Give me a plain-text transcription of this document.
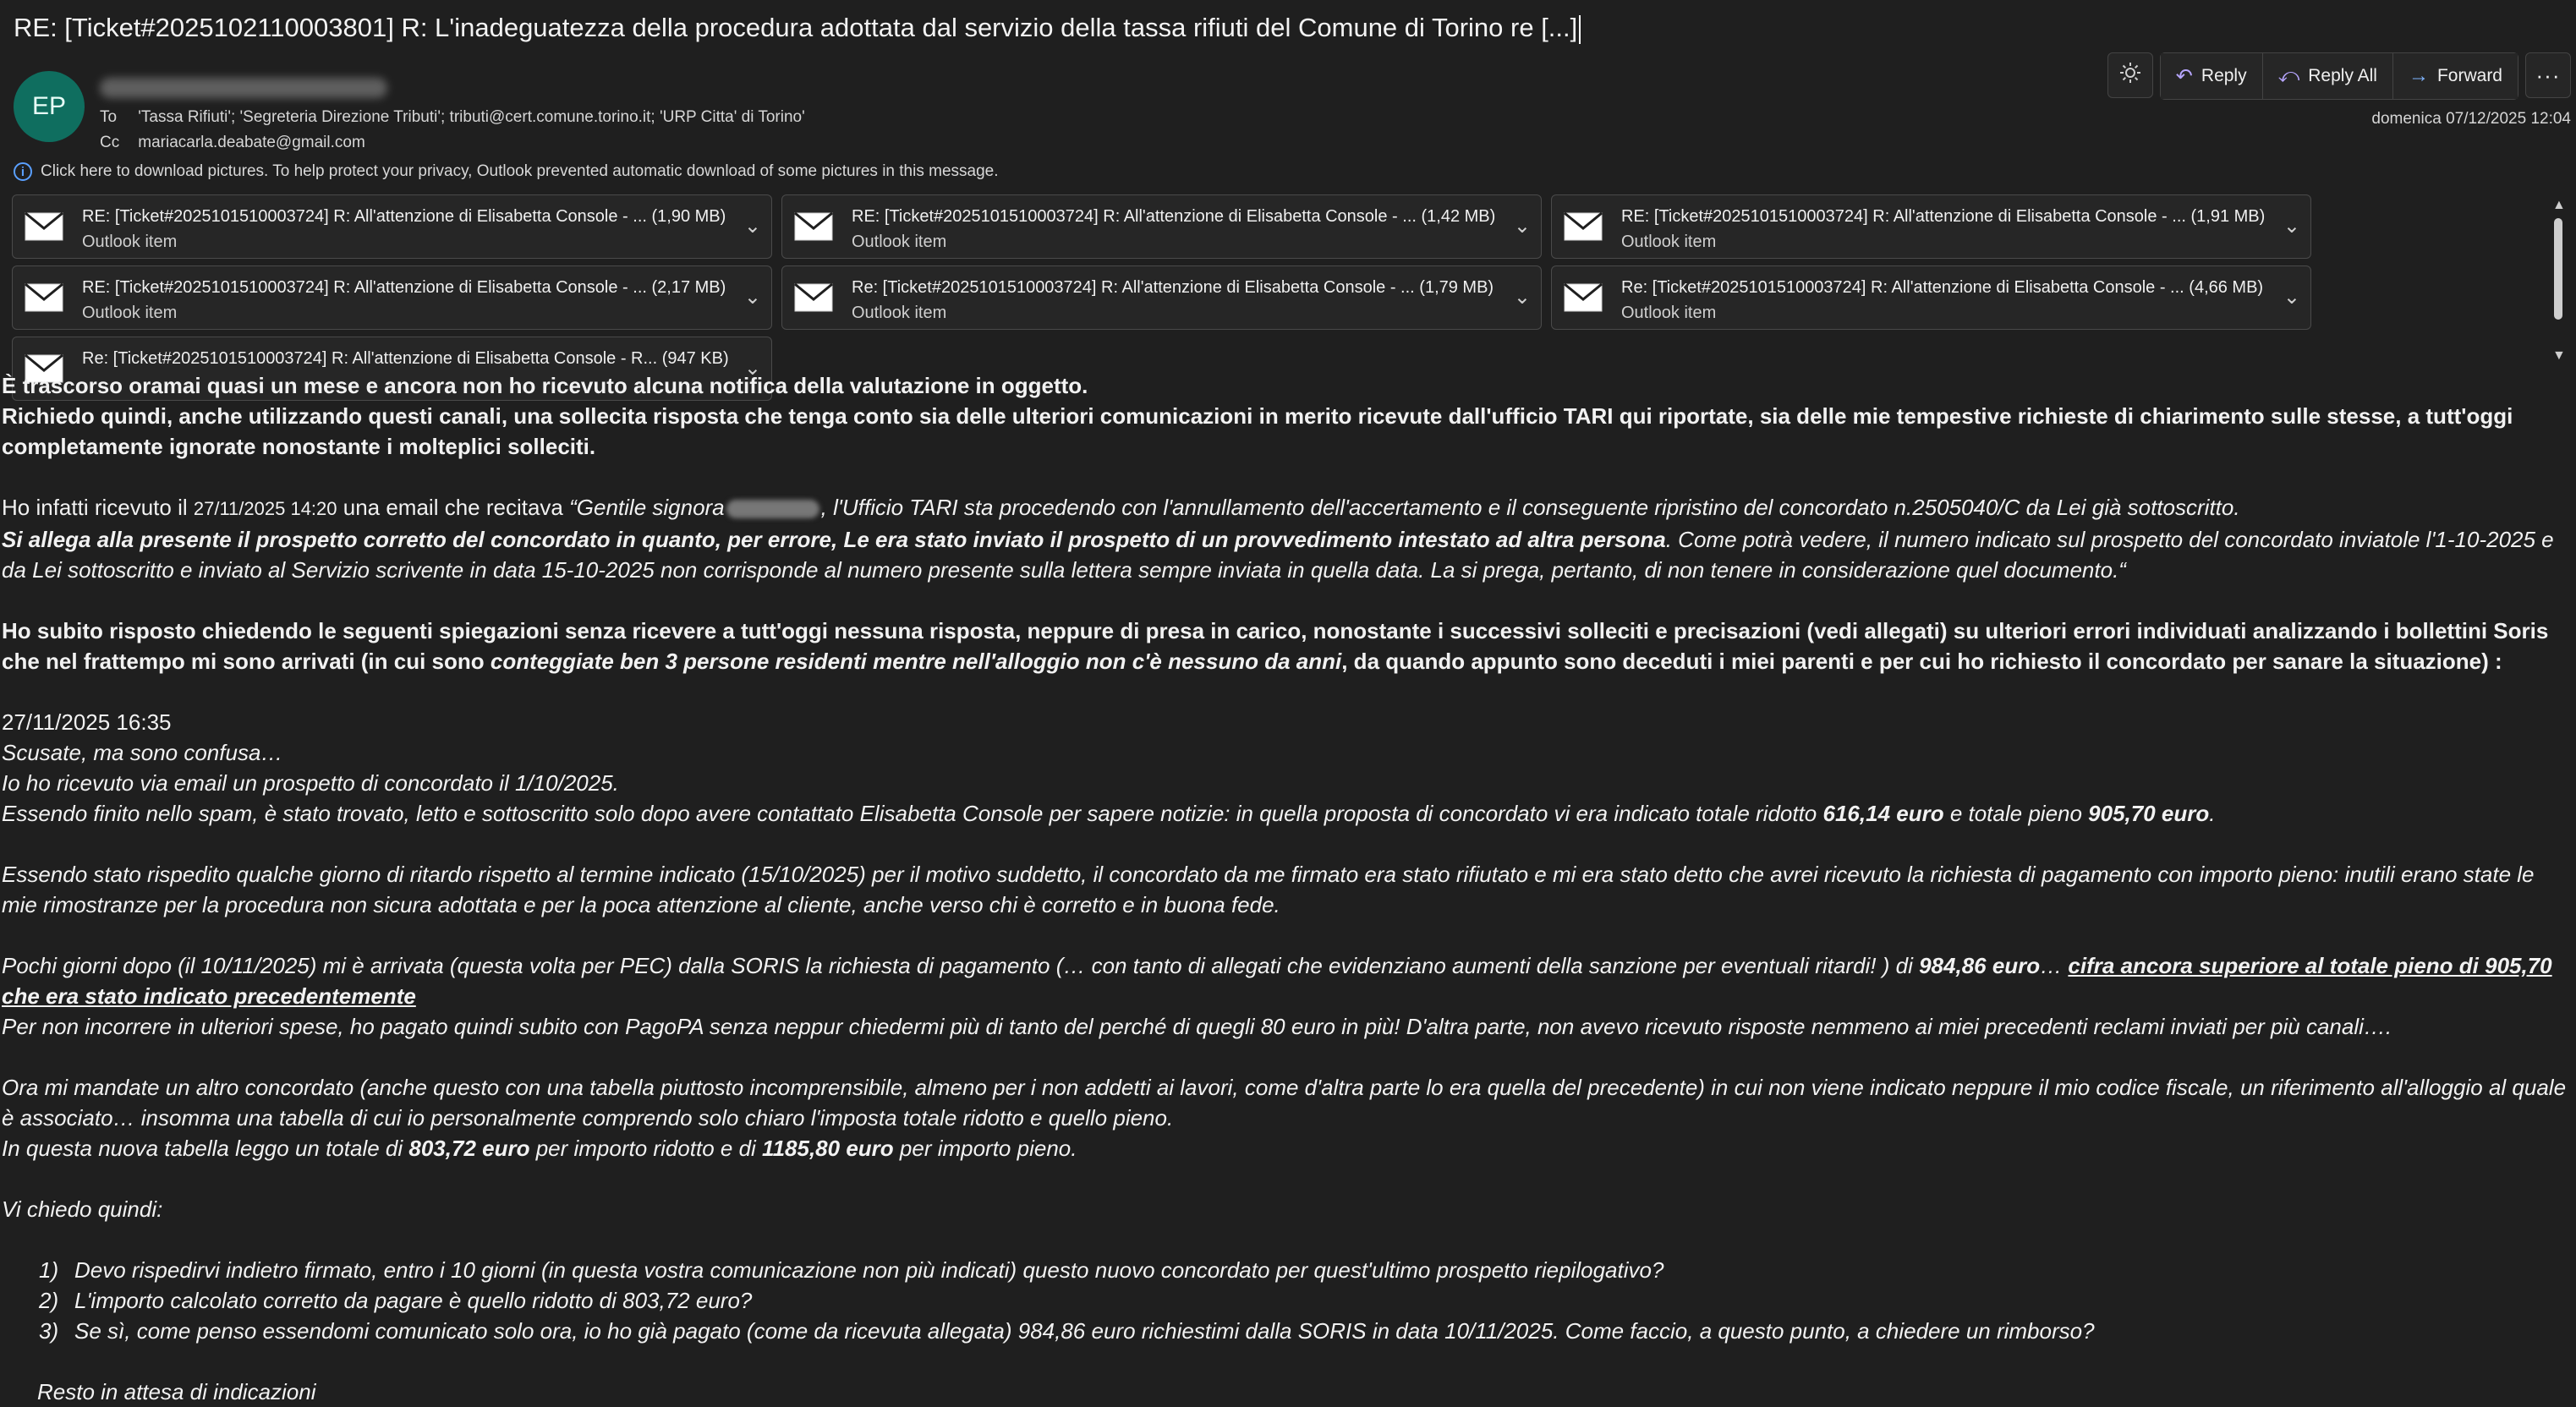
RE: [Ticket#2025102110003801] R: L'inadeguatezza della procedura adottata dal servizio della tassa rifiuti del Comune di Torino re [...]
EP	To 'Tassa Rifiuti'; 'Segreteria Direzione Tributi'; tributi@cert.comune.torino.it; 'URP Citta' di Torino'
Cc mariacarla.deabate@gmail.com
domenica 07/12/2025 12:04
↶ Reply ⤺ Reply All → Forward ···
i Click here to download pictures. To help protect your privacy, Outlook prevented automatic download of some pictures in this message.
RE: [Ticket#2025101510003724] R: All'attenzione di Elisabetta Console - ... (1,90 MB)
Outlook item
⌄	RE: [Ticket#2025101510003724] R: All'attenzione di Elisabetta Console - ... (1,42 MB)
Outlook item
⌄	RE: [Ticket#2025101510003724] R: All'attenzione di Elisabetta Console - ... (1,91 MB)
Outlook item
⌄
RE: [Ticket#2025101510003724] R: All'attenzione di Elisabetta Console - ... (2,17 MB)
Outlook item
⌄	Re: [Ticket#2025101510003724] R: All'attenzione di Elisabetta Console - ... (1,79 MB)
Outlook item
⌄	Re: [Ticket#2025101510003724] R: All'attenzione di Elisabetta Console - ... (4,66 MB)
Outlook item
⌄
Re: [Ticket#2025101510003724] R: All'attenzione di Elisabetta Console - R... (947 KB) ⌄
▲
▼

È trascorso oramai quasi un mese e ancora non ho ricevuto alcuna notifica della valutazione in oggetto.

Richiedo quindi, anche utilizzando questi canali, una sollecita risposta che tenga conto sia delle ulteriori comunicazioni in merito ricevute dall'ufficio TARI qui riportate, sia delle mie tempestive richieste di chiarimento sulle stesse, a tutt'oggi completamente ignorate nonostante i molteplici solleciti.

Ho infatti ricevuto il 27/11/2025 14:20 una email che recitava “Gentile signora	, l'Ufficio TARI sta procedendo con l'annullamento dell'accertamento e il conseguente ripristino del concordato n.2505040/C da Lei già sottoscritto.

Si allega alla presente il prospetto corretto del concordato in quanto, per errore, Le era stato inviato il prospetto di un provvedimento intestato ad altra persona. Come potrà vedere, il numero indicato sul prospetto del concordato inviatole l'1-10-2025 e da Lei sottoscritto e inviato al Servizio scrivente in data 15-10-2025 non corrisponde al numero presente sulla lettera sempre inviata in quella data. La si prega, pertanto, di non tenere in considerazione quel documento.“

Ho subito risposto chiedendo le seguenti spiegazioni senza ricevere a tutt'oggi nessuna risposta, neppure di presa in carico, nonostante i successivi solleciti e precisazioni (vedi allegati) su ulteriori errori individuati analizzando i bollettini Soris che nel frattempo mi sono arrivati (in cui sono conteggiate ben 3 persone residenti mentre nell'alloggio non c'è nessuno da anni, da quando appunto sono deceduti i miei parenti e per cui ho richiesto il concordato per sanare la situazione) :

27/11/2025 16:35

Scusate, ma sono confusa…

Io ho ricevuto via email un prospetto di concordato il 1/10/2025.

Essendo finito nello spam, è stato trovato, letto e sottoscritto solo dopo avere contattato Elisabetta Console per sapere notizie: in quella proposta di concordato vi era indicato totale ridotto 616,14 euro e totale pieno 905,70 euro.

Essendo stato rispedito qualche giorno di ritardo rispetto al termine indicato (15/10/2025) per il motivo suddetto, il concordato da me firmato era stato rifiutato e mi era stato detto che avrei ricevuto la richiesta di pagamento con importo pieno: inutili erano state le mie rimostranze per la procedura non sicura adottata e per la poca attenzione al cliente, anche verso chi è corretto e in buona fede.

Pochi giorni dopo (il 10/11/2025) mi è arrivata (questa volta per PEC) dalla SORIS la richiesta di pagamento (… con tanto di allegati che evidenziano aumenti della sanzione per eventuali ritardi! ) di 984,86 euro… cifra ancora superiore al totale pieno di 905,70 che era stato indicato precedentemente

Per non incorrere in ulteriori spese, ho pagato quindi subito con PagoPA senza neppur chiedermi più di tanto del perché di quegli 80 euro in più! D'altra parte, non avevo ricevuto risposte nemmeno ai miei precedenti reclami inviati per più canali….

Ora mi mandate un altro concordato (anche questo con una tabella piuttosto incomprensibile, almeno per i non addetti ai lavori, come d'altra parte lo era quella del precedente) in cui non viene indicato neppure il mio codice fiscale, un riferimento all'alloggio al quale è associato… insomma una tabella di cui io personalmente comprendo solo chiaro l'imposta totale ridotto e quello pieno.

In questa nuova tabella leggo un totale di 803,72 euro per importo ridotto e di 1185,80 euro per importo pieno.

Vi chiedo quindi:

1) Devo rispedirvi indietro firmato, entro i 10 giorni (in questa vostra comunicazione non più indicati) questo nuovo concordato per quest'ultimo prospetto riepilogativo?
2) L'importo calcolato corretto da pagare è quello ridotto di 803,72 euro?
3) Se sì, come penso essendomi comunicato solo ora, io ho già pagato (come da ricevuta allegata) 984,86 euro richiestimi dalla SORIS in data 10/11/2025. Come faccio, a questo punto, a chiedere un rimborso?

Resto in attesa di indicazioni
